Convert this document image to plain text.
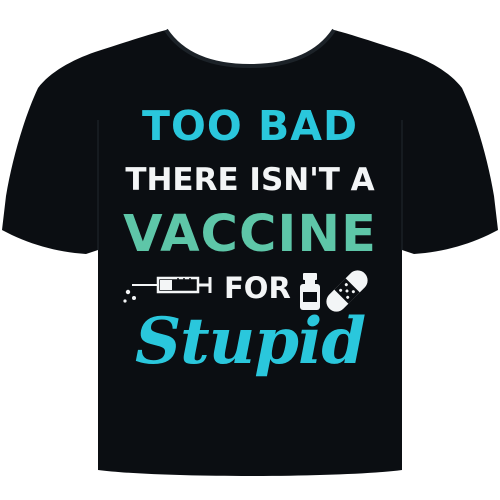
TOO BAD
THERE ISN'T A
VACCINE
FOR
Stupid
